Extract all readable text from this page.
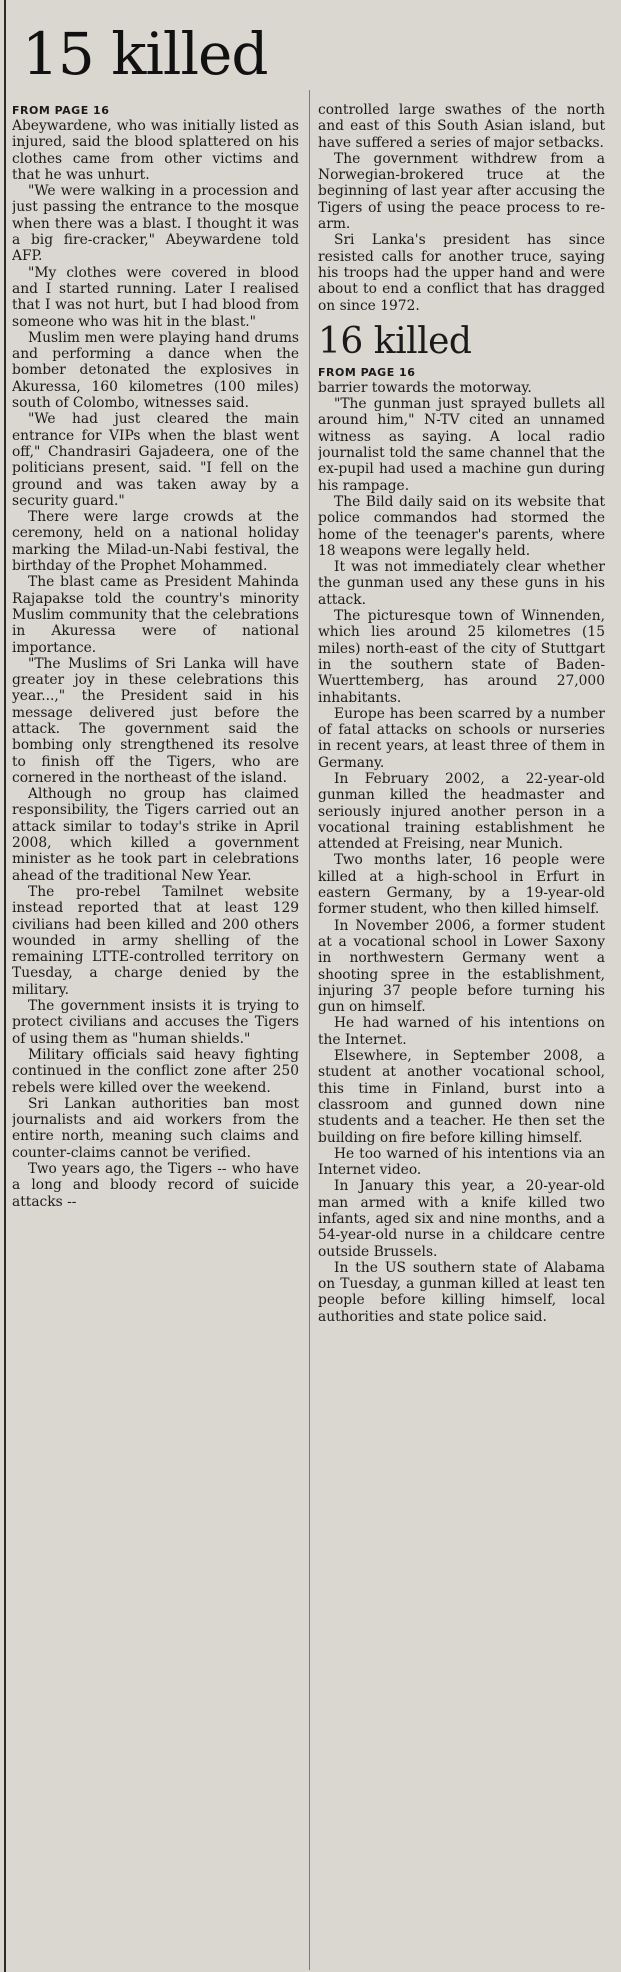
15 killed

FROM PAGE 16

Abeywardene, who was initially listed as injured, said the blood splattered on his clothes came from other victims and that he was unhurt.

"We were walking in a procession and just passing the entrance to the mosque when there was a blast. I thought it was a big fire-cracker," Abeywardene told AFP.

"My clothes were covered in blood and I started running. Later I realised that I was not hurt, but I had blood from someone who was hit in the blast."

Muslim men were playing hand drums and performing a dance when the bomber detonated the explosives in Akuressa, 160 kilometres (100 miles) south of Colombo, witnesses said.

"We had just cleared the main entrance for VIPs when the blast went off," Chandrasiri Gajadeera, one of the politicians present, said. "I fell on the ground and was taken away by a security guard."

There were large crowds at the ceremony, held on a national holiday marking the Milad-un-Nabi festival, the birthday of the Prophet Mohammed.

The blast came as President Mahinda Rajapakse told the country's minority Muslim community that the celebrations in Akuressa were of national importance.

"The Muslims of Sri Lanka will have greater joy in these celebrations this year...," the President said in his message delivered just before the attack. The government said the bombing only strengthened its resolve to finish off the Tigers, who are cornered in the northeast of the island.

Although no group has claimed responsibility, the Tigers carried out an attack similar to today's strike in April 2008, which killed a government minister as he took part in celebrations ahead of the traditional New Year.

The pro-rebel Tamilnet website instead reported that at least 129 civilians had been killed and 200 others wounded in army shelling of the remaining LTTE-controlled territory on Tuesday, a charge denied by the military.

The government insists it is trying to protect civilians and accuses the Tigers of using them as "human shields."

Military officials said heavy fighting continued in the conflict zone after 250 rebels were killed over the weekend.

Sri Lankan authorities ban most journalists and aid workers from the entire north, meaning such claims and counter-claims cannot be verified.

Two years ago, the Tigers -- who have a long and bloody record of suicide attacks --

controlled large swathes of the north and east of this South Asian island, but have suffered a series of major setbacks.

The government withdrew from a Norwegian-brokered truce at the beginning of last year after accusing the Tigers of using the peace process to re-arm.

Sri Lanka's president has since resisted calls for another truce, saying his troops had the upper hand and were about to end a conflict that has dragged on since 1972.

16 killed

FROM PAGE 16

barrier towards the motorway.

"The gunman just sprayed bullets all around him," N-TV cited an unnamed witness as saying. A local radio journalist told the same channel that the ex-pupil had used a machine gun during his rampage.

The Bild daily said on its website that police commandos had stormed the home of the teenager's parents, where 18 weapons were legally held.

It was not immediately clear whether the gunman used any these guns in his attack.

The picturesque town of Winnenden, which lies around 25 kilometres (15 miles) north-east of the city of Stuttgart in the southern state of Baden-Wuerttemberg, has around 27,000 inhabitants.

Europe has been scarred by a number of fatal attacks on schools or nurseries in recent years, at least three of them in Germany.

In February 2002, a 22-year-old gunman killed the headmaster and seriously injured another person in a vocational training establishment he attended at Freising, near Munich.

Two months later, 16 people were killed at a high-school in Erfurt in eastern Germany, by a 19-year-old former student, who then killed himself.

In November 2006, a former student at a vocational school in Lower Saxony in northwestern Germany went a shooting spree in the establishment, injuring 37 people before turning his gun on himself.

He had warned of his intentions on the Internet.

Elsewhere, in September 2008, a student at another vocational school, this time in Finland, burst into a classroom and gunned down nine students and a teacher. He then set the building on fire before killing himself.

He too warned of his intentions via an Internet video.

In January this year, a 20-year-old man armed with a knife killed two infants, aged six and nine months, and a 54-year-old nurse in a childcare centre outside Brussels.

In the US southern state of Alabama on Tuesday, a gunman killed at least ten people before killing himself, local authorities and state police said.
